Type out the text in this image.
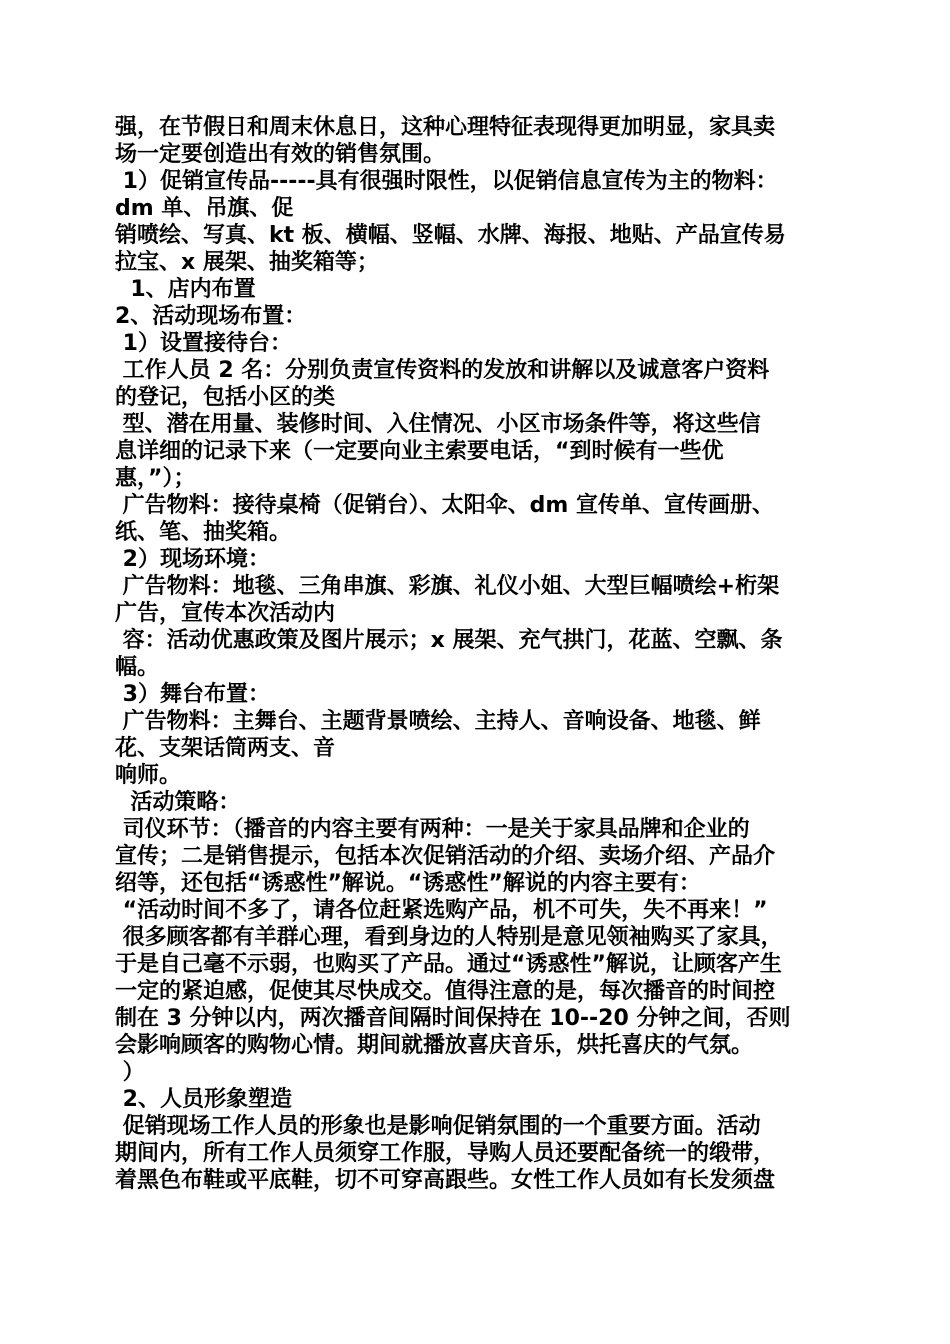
强，在节假日和周末休息日，这种心理特征表现得更加明显，家具卖
场一定要创造出有效的销售氛围。
1）促销宣传品-----具有很强时限性，以促销信息宣传为主的物料：
dm 单、吊旗、促
销喷绘、写真、kt 板、横幅、竖幅、水牌、海报、地贴、产品宣传易
拉宝、x 展架、抽奖箱等；
1、店内布置
2、活动现场布置：
1）设置接待台：
工作人员 2 名：分别负责宣传资料的发放和讲解以及诚意客户资料
的登记，包括小区的类
型、潜在用量、装修时间、入住情况、小区市场条件等，将这些信
息详细的记录下来（一定要向业主索要电话，“到时候有一些优
惠，”）；
广告物料：接待桌椅（促销台）、太阳伞、dm 宣传单、宣传画册、
纸、笔、抽奖箱。
2）现场环境：
广告物料：地毯、三角串旗、彩旗、礼仪小姐、大型巨幅喷绘+桁架
广告，宣传本次活动内
容：活动优惠政策及图片展示；x 展架、充气拱门，花蓝、空飘、条
幅。
3）舞台布置：
广告物料：主舞台、主题背景喷绘、主持人、音响设备、地毯、鲜
花、支架话筒两支、音
响师。
活动策略：
司仪环节：（播音的内容主要有两种：一是关于家具品牌和企业的
宣传；二是销售提示，包括本次促销活动的介绍、卖场介绍、产品介
绍等，还包括“诱惑性”解说。“诱惑性”解说的内容主要有：
“活动时间不多了，请各位赶紧选购产品，机不可失，失不再来！”
很多顾客都有羊群心理，看到身边的人特别是意见领袖购买了家具，
于是自己毫不示弱，也购买了产品。通过“诱惑性”解说，让顾客产生
一定的紧迫感，促使其尽快成交。值得注意的是，每次播音的时间控
制在 3 分钟以内，两次播音间隔时间保持在 10--20 分钟之间，否则
会影响顾客的购物心情。期间就播放喜庆音乐，烘托喜庆的气氛。
）
2、人员形象塑造
促销现场工作人员的形象也是影响促销氛围的一个重要方面。活动
期间内，所有工作人员须穿工作服，导购人员还要配备统一的缎带，
着黑色布鞋或平底鞋，切不可穿高跟些。女性工作人员如有长发须盘
